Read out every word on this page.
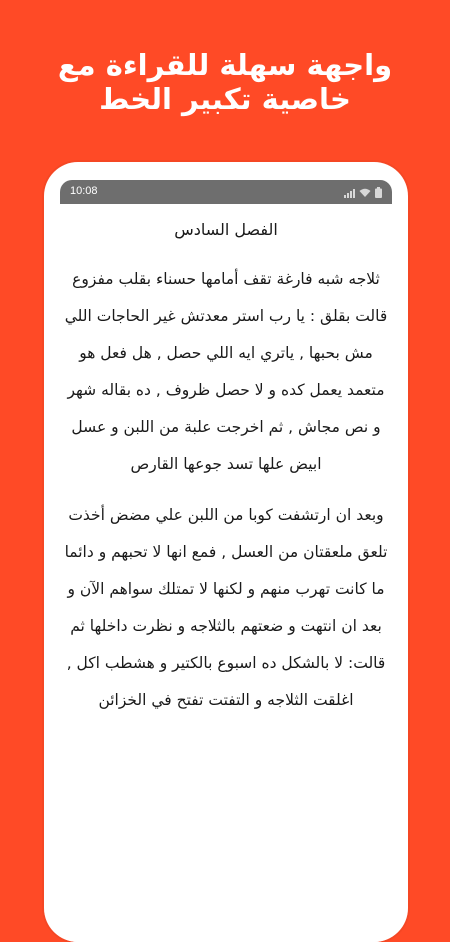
واجهة سهلة للقراءة مع
خاصية تكبير الخط
10:08
الفصل السادس

ثلاجه شبه فارغة تقف أمامها حسناء بقلب مفزوع قالت بقلق : يا رب استر معدتش غير الحاجات اللي مش بحبها , ياتري ايه اللي حصل , هل فعل هو متعمد يعمل كده و لا حصل ظروف , ده بقاله شهر و نص مجاش , ثم اخرجت علبة من اللبن و عسل ابيض علها تسد جوعها القارص

وبعد ان ارتشفت كوبا من اللبن علي مضض أخذت تلعق ملعقتان من العسل , فمع انها لا تحبهم و دائما ما كانت تهرب منهم و لكنها لا تمتلك سواهم الآن و بعد ان انتهت و ضعتهم بالثلاجه و نظرت داخلها ثم قالت: لا بالشكل ده اسبوع بالكتير و هشطب اكل , اغلقت الثلاجه و التفتت تفتح في الخزائن
